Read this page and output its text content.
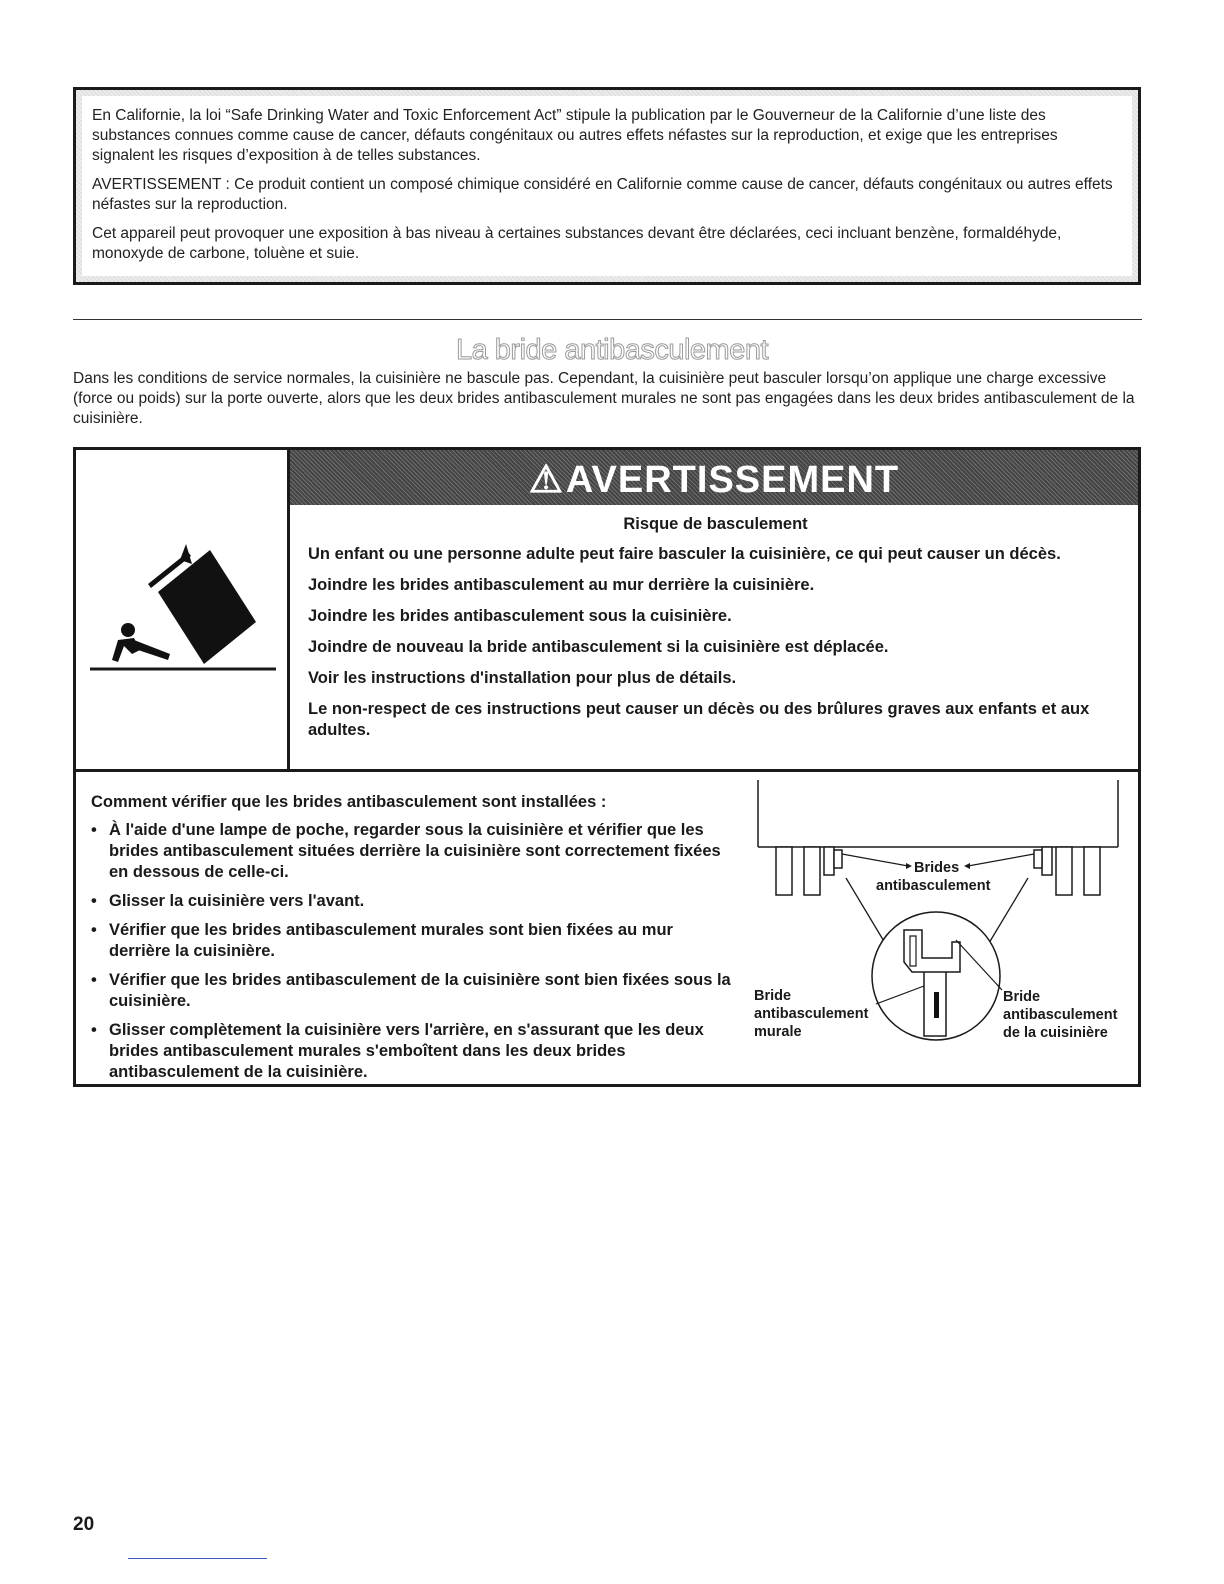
En Californie, la loi “Safe Drinking Water and Toxic Enforcement Act” stipule la publication par le Gouverneur de la Californie d’une liste des substances connues comme cause de cancer, défauts congénitaux ou autres effets néfastes sur la reproduction, et exige que les entreprises signalent les risques d’exposition à de telles substances.

AVERTISSEMENT : Ce produit contient un composé chimique considéré en Californie comme cause de cancer, défauts congénitaux ou autres effets néfastes sur la reproduction.

Cet appareil peut provoquer une exposition à bas niveau à certaines substances devant être déclarées, ceci incluant benzène, formaldéhyde, monoxyde de carbone, toluène et suie.

La bride antibasculement

Dans les conditions de service normales, la cuisinière ne bascule pas. Cependant, la cuisinière peut basculer lorsqu’on applique une charge excessive (force ou poids) sur la porte ouverte, alors que les deux brides antibasculement murales ne sont pas engagées dans les deux brides antibasculement de la cuisinière.

⚠AVERTISSEMENT

Risque de basculement

Un enfant ou une personne adulte peut faire basculer la cuisinière, ce qui peut causer un décès.

Joindre les brides antibasculement au mur derrière la cuisinière.

Joindre les brides antibasculement sous la cuisinière.

Joindre de nouveau la bride antibasculement si la cuisinière est déplacée.

Voir les instructions d'installation pour plus de détails.

Le non-respect de ces instructions peut causer un décès ou des brûlures graves aux enfants et aux adultes.

Comment vérifier que les brides antibasculement sont installées :

• À l'aide d'une lampe de poche, regarder sous la cuisinière et vérifier que les brides antibasculement situées derrière la cuisinière sont correctement fixées en dessous de celle-ci.
• Glisser la cuisinière vers l'avant.
• Vérifier que les brides antibasculement murales sont bien fixées au mur derrière la cuisinière.
• Vérifier que les brides antibasculement de la cuisinière sont bien fixées sous la cuisinière.
• Glisser complètement la cuisinière vers l'arrière, en s'assurant que les deux brides antibasculement murales s'emboîtent dans les deux brides antibasculement de la cuisinière.
Brides
antibasculement
Bride
antibasculement
murale
Bride
antibasculement
de la cuisinière
20
